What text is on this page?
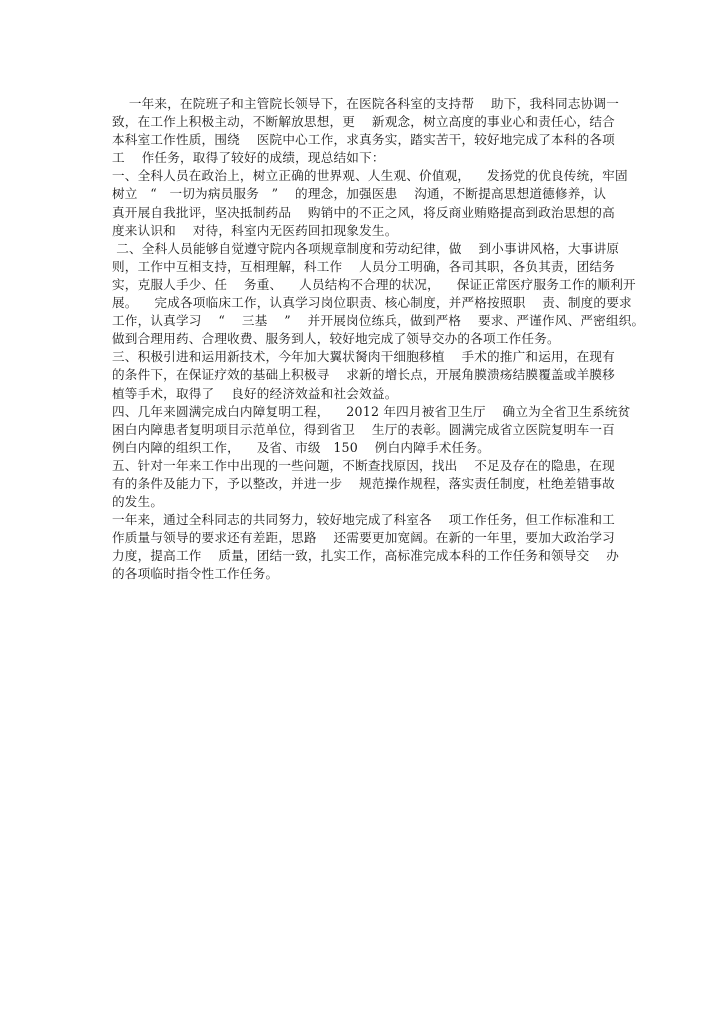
一年来，在院班子和主管院长领导下，在医院各科室的支持帮    助下，我科同志协调一
致，在工作上积极主动，不断解放思想，更    新观念，树立高度的事业心和责任心，结合
本科室工作性质，围绕    医院中心工作，求真务实，踏实苦干，较好地完成了本科的各项
工    作任务，取得了较好的成绩，现总结如下：
一、全科人员在政治上，树立正确的世界观、人生观、价值观，    发扬党的优良传统，牢固
树立   “   一切为病员服务   ”    的理念，加强医患    沟通，不断提高思想道德修养，认
真开展自我批评，坚决抵制药品    购销中的不正之风，将反商业贿赂提高到政治思想的高
度来认识和    对待，科室内无医药回扣现象发生。
二、全科人员能够自觉遵守院内各项规章制度和劳动纪律，做    到小事讲风格，大事讲原
则，工作中互相支持，互相理解，科工作    人员分工明确，各司其职，各负其责，团结务
实，克服人手少、任    务重、    人员结构不合理的状况，    保证正常医疗服务工作的顺利开
展。    完成各项临床工作，认真学习岗位职责、核心制度，并严格按照职    责、制度的要求
工作，认真学习    “    三基    ”    并开展岗位练兵，做到严格    要求、严谨作风、严密组织。
做到合理用药、合理收费、服务到人，较好地完成了领导交办的各项工作任务。
三、积极引进和运用新技术，今年加大翼状胬肉干细胞移植    手术的推广和运用，在现有
的条件下，在保证疗效的基础上积极寻    求新的增长点，开展角膜溃疡结膜覆盖或羊膜移
植等手术，取得了    良好的经济效益和社会效益。
四、几年来圆满完成白内障复明工程，    2012 年四月被省卫生厅    确立为全省卫生系统贫
困白内障患者复明项目示范单位，得到省卫    生厅的表彰。圆满完成省立医院复明车一百
例白内障的组织工作，    及省、市级   150    例白内障手术任务。
五、针对一年来工作中出现的一些问题，不断查找原因，找出    不足及存在的隐患，在现
有的条件及能力下，予以整改，并进一步    规范操作规程，落实责任制度，杜绝差错事故
的发生。
一年来，通过全科同志的共同努力，较好地完成了科室各    项工作任务，但工作标准和工
作质量与领导的要求还有差距，思路    还需要更加宽阔。在新的一年里，要加大政治学习
力度，提高工作    质量，团结一致，扎实工作，高标准完成本科的工作任务和领导交    办
的各项临时指令性工作任务。
